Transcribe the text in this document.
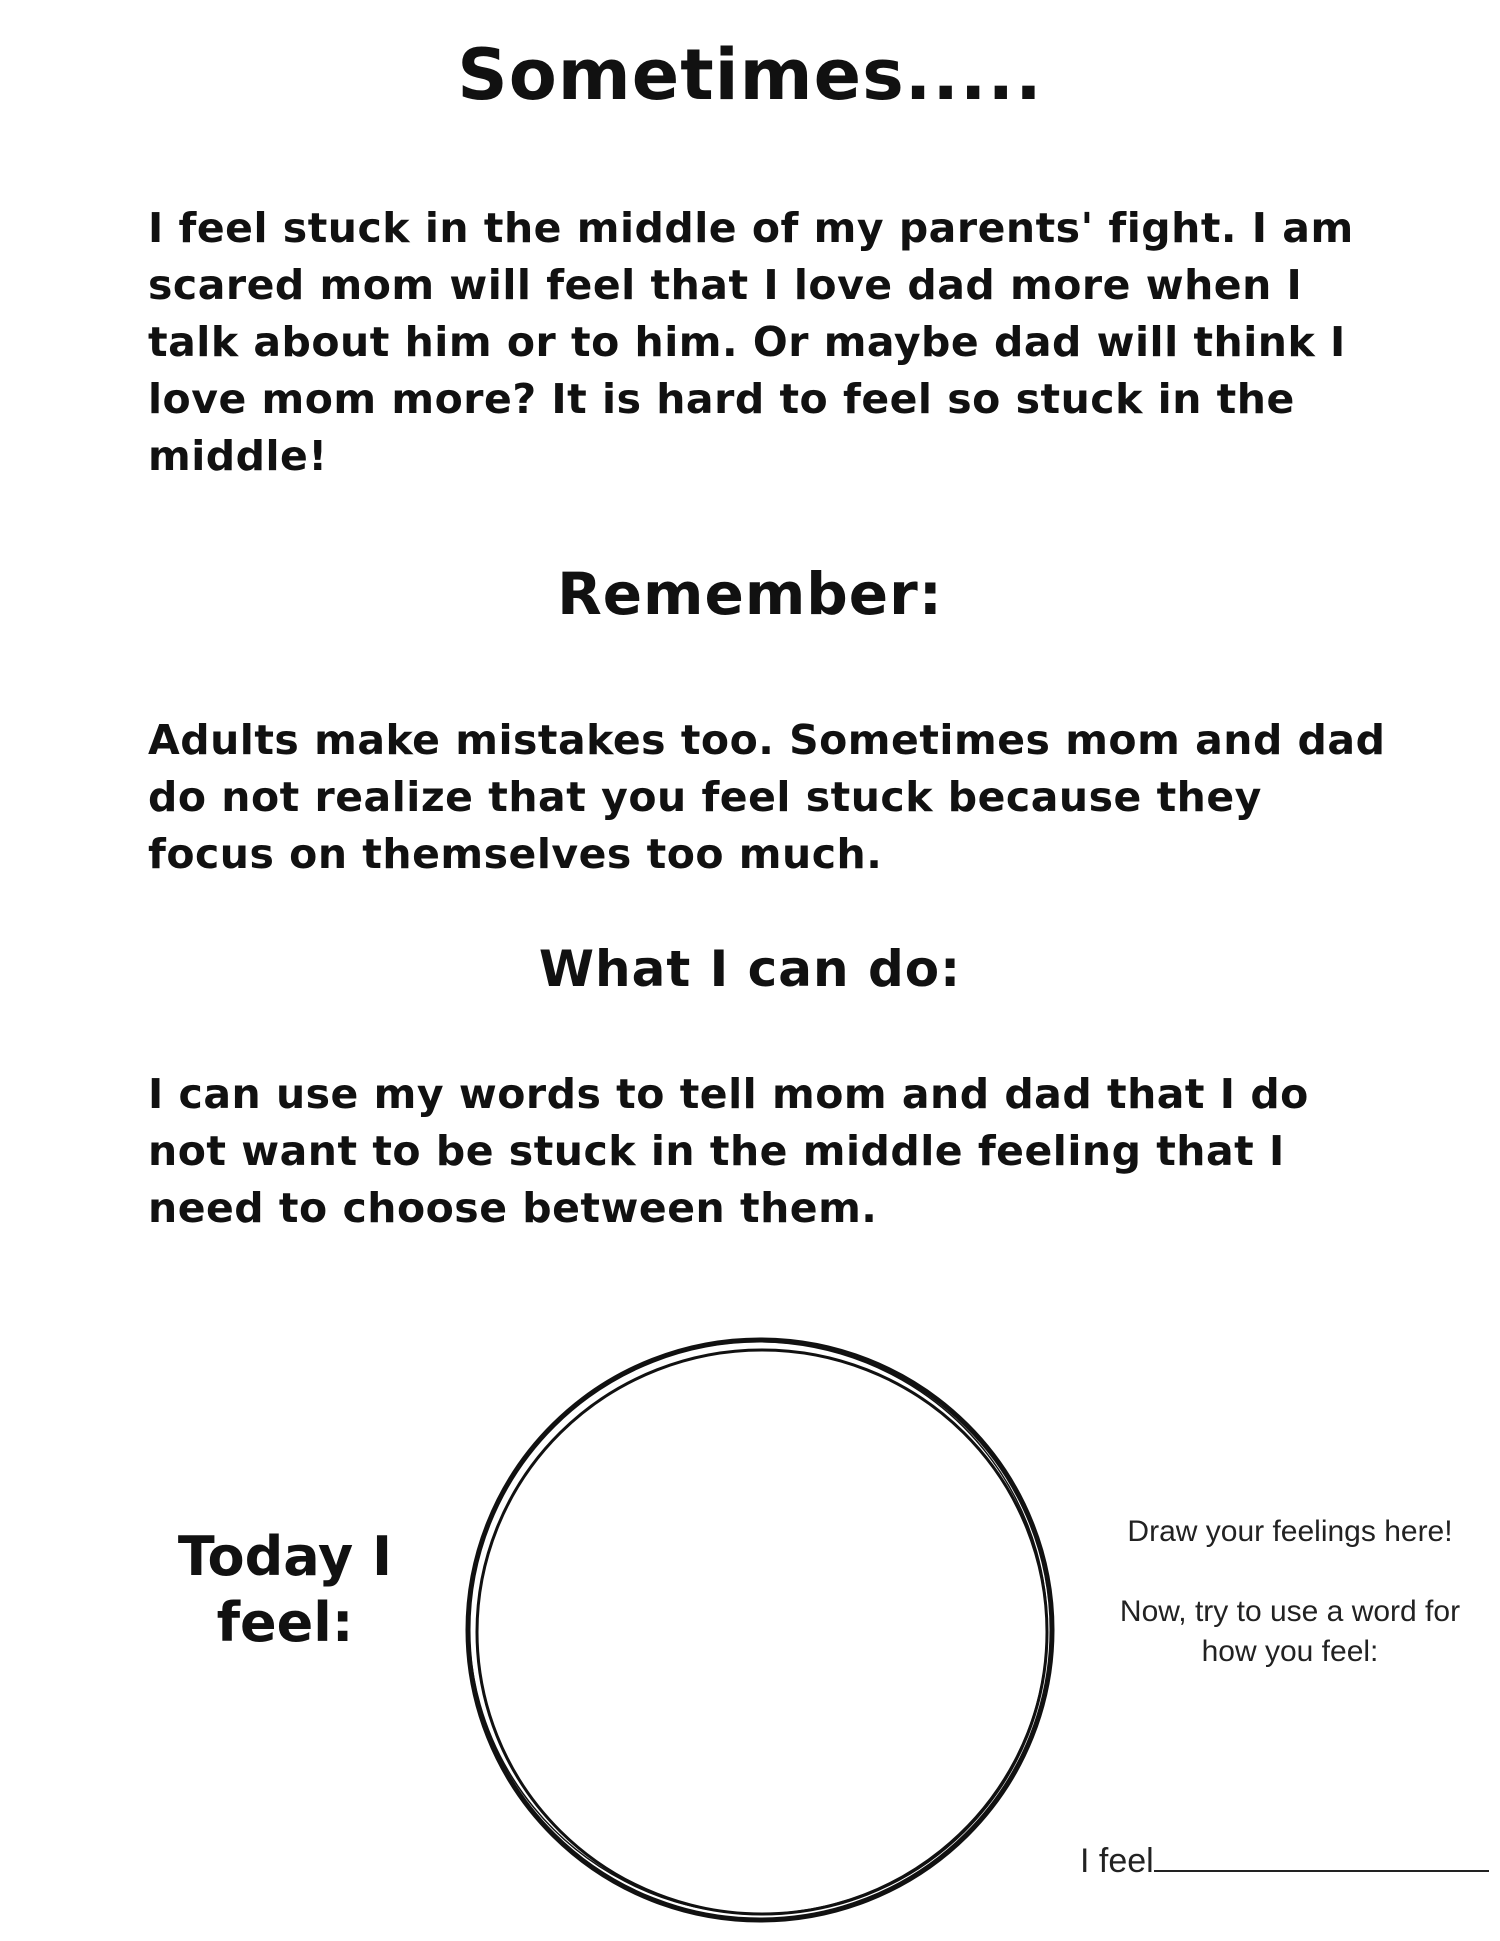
Sometimes.....

I feel stuck in the middle of my parents' fight. I am scared mom will feel that I love dad more when I talk about him or to him. Or maybe dad will think I love mom more? It is hard to feel so stuck in the middle!

Remember:

Adults make mistakes too. Sometimes mom and dad do not realize that you feel stuck because they focus on themselves too much.

What I can do:

I can use my words to tell mom and dad that I do not want to be stuck in the middle feeling that I need to choose between them.

Today I feel:

Draw your feelings here!

Now, try to use a word for how you feel:

I feel
